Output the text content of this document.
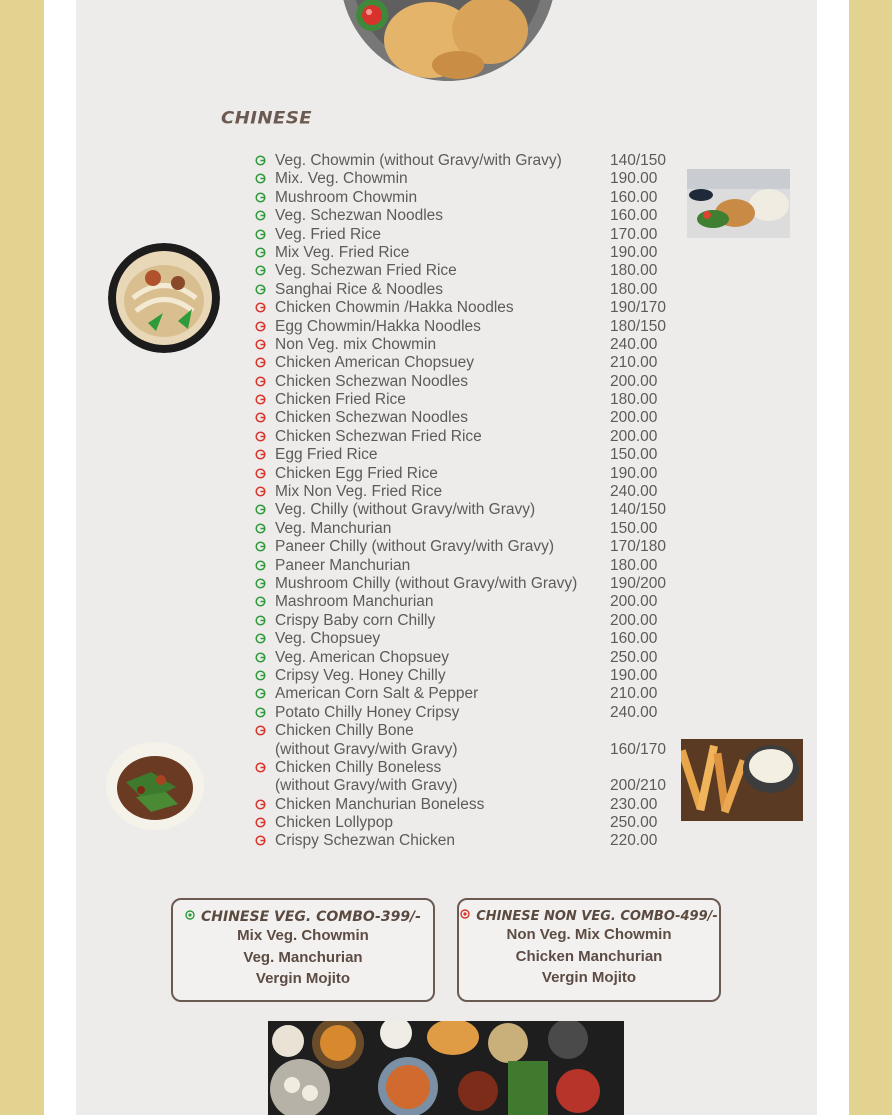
CHINESE
Veg. Chowmin (without Gravy/with Gravy)	140/150
Mix. Veg. Chowmin	190.00
Mushroom Chowmin	160.00
Veg. Schezwan Noodles	160.00
Veg. Fried Rice	170.00
Mix Veg. Fried Rice	190.00
Veg. Schezwan Fried Rice	180.00
Sanghai Rice & Noodles	180.00
Chicken Chowmin /Hakka Noodles	190/170
Egg Chowmin/Hakka Noodles	180/150
Non Veg. mix Chowmin	240.00
Chicken American Chopsuey	210.00
Chicken Schezwan Noodles	200.00
Chicken Fried Rice	180.00
Chicken Schezwan Noodles	200.00
Chicken Schezwan Fried Rice	200.00
Egg Fried Rice	150.00
Chicken Egg Fried Rice	190.00
Mix Non Veg. Fried Rice	240.00
Veg. Chilly (without Gravy/with Gravy)	140/150
Veg. Manchurian	150.00
Paneer Chilly (without Gravy/with Gravy)	170/180
Paneer Manchurian	180.00
Mushroom Chilly (without Gravy/with Gravy) 190/200
Mashroom Manchurian	200.00
Crispy Baby corn Chilly	200.00
Veg. Chopsuey	160.00
Veg. American Chopsuey	250.00
Cripsy Veg. Honey Chilly	190.00
American Corn Salt & Pepper	210.00
Potato Chilly Honey Cripsy	240.00
Chicken Chilly Bone
(without Gravy/with Gravy)	160/170
Chicken Chilly Boneless
(without Gravy/with Gravy)	200/210
Chicken Manchurian Boneless	230.00
Chicken Lollypop	250.00
Crispy Schezwan Chicken	220.00
CHINESE VEG. COMBO-399/-
Mix Veg. Chowmin
Veg. Manchurian
Vergin Mojito
CHINESE NON VEG. COMBO-499/-
Non Veg. Mix Chowmin
Chicken Manchurian
Vergin Mojito
